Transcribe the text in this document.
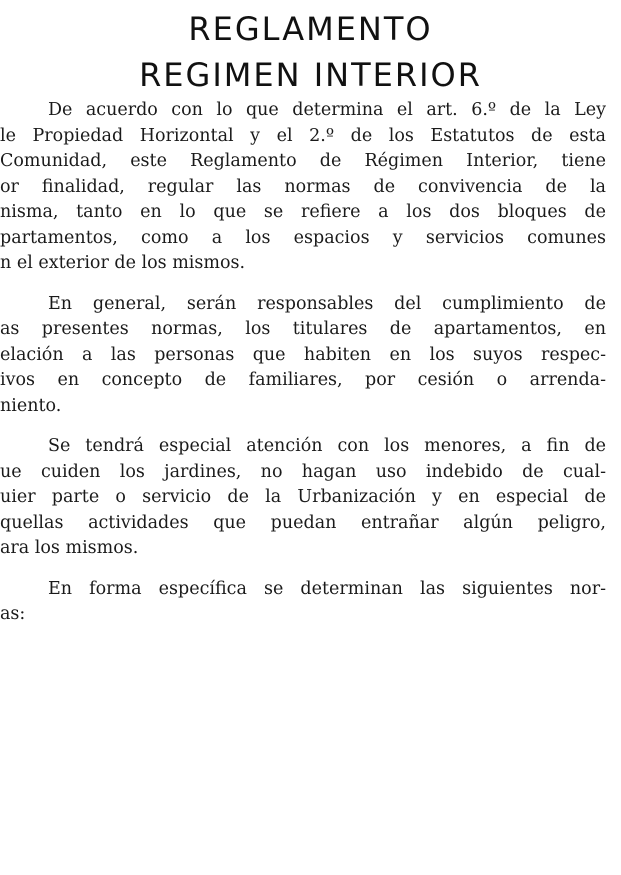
REGLAMENTO
REGIMEN INTERIOR

De acuerdo con lo que determina el art. 6.º de la Ley
le Propiedad Horizontal y el 2.º de los Estatutos de esta
Comunidad, este Reglamento de Régimen Interior, tiene
or finalidad, regular las normas de convivencia de la
nisma, tanto en lo que se refiere a los dos bloques de
partamentos, como a los espacios y servicios comunes
n el exterior de los mismos.

En general, serán responsables del cumplimiento de
as presentes normas, los titulares de apartamentos, en
elación a las personas que habiten en los suyos respec-
ivos en concepto de familiares, por cesión o arrenda-
niento.

Se tendrá especial atención con los menores, a fin de
ue cuiden los jardines, no hagan uso indebido de cual-
uier parte o servicio de la Urbanización y en especial de
quellas actividades que puedan entrañar algún peligro,
ara los mismos.

En forma específica se determinan las siguientes nor-
as:
